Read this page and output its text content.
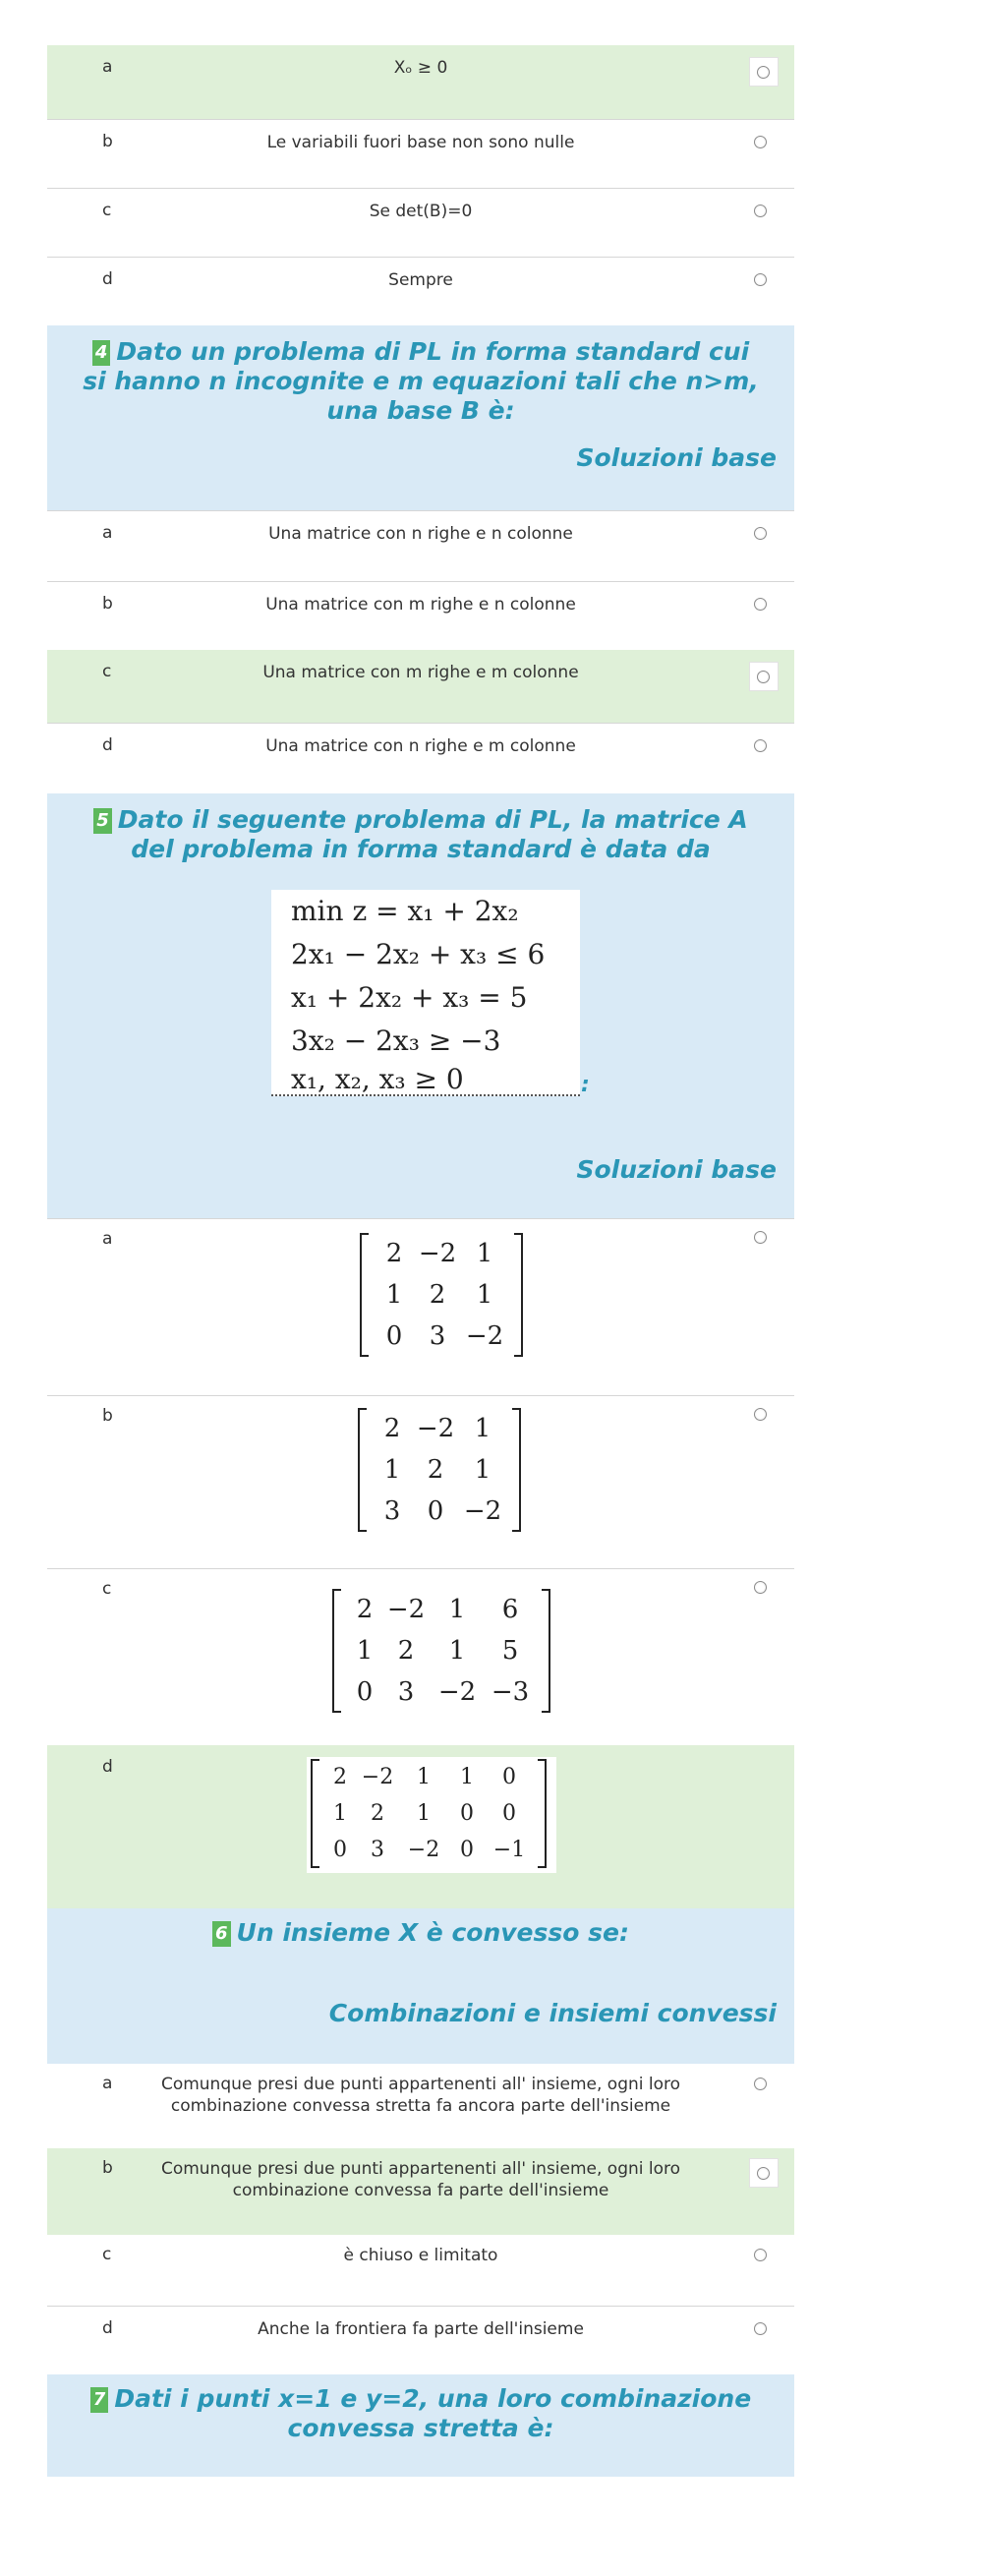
a	Xₒ ≥ 0
b	Le variabili fuori base non sono nulle
c	Se det(B)=0
d	Sempre
4 Dato un problema di PL in forma standard cui si hanno n incognite e m equazioni tali che n>m, una base B è:
Soluzioni base
a	Una matrice con n righe e n colonne
b	Una matrice con m righe e n colonne
c	Una matrice con m righe e m colonne
d	Una matrice con n righe e m colonne
5 Dato il seguente problema di PL, la matrice A del problema in forma standard è data da
min z = x₁ + 2x₂
2x₁ − 2x₂ + x₃ ≤ 6
x₁ + 2x₂ + x₃ = 5
3x₂ − 2x₃ ≥ −3
x₁, x₂, x₃ ≥ 0	:
Soluzioni base
a	2 −2 1
1	2	1
0	3 −2
b	2 −2 1
1	2	1
3	0 −2
c
2 −2 1	6
1 2	1	5
0 3 −2 −3
d	2 −2	1	1	0
1	2	1	0	0
0	3	−2 0 −1
6 Un insieme X è convesso se:
Combinazioni e insiemi convessi
a	Comunque presi due punti appartenenti all' insieme, ogni loro combinazione convessa stretta fa ancora parte dell'insieme
b	Comunque presi due punti appartenenti all' insieme, ogni loro combinazione convessa fa parte dell'insieme
c	è chiuso e limitato
d	Anche la frontiera fa parte dell'insieme
7 Dati i punti x=1 e y=2, una loro combinazione convessa stretta è:
